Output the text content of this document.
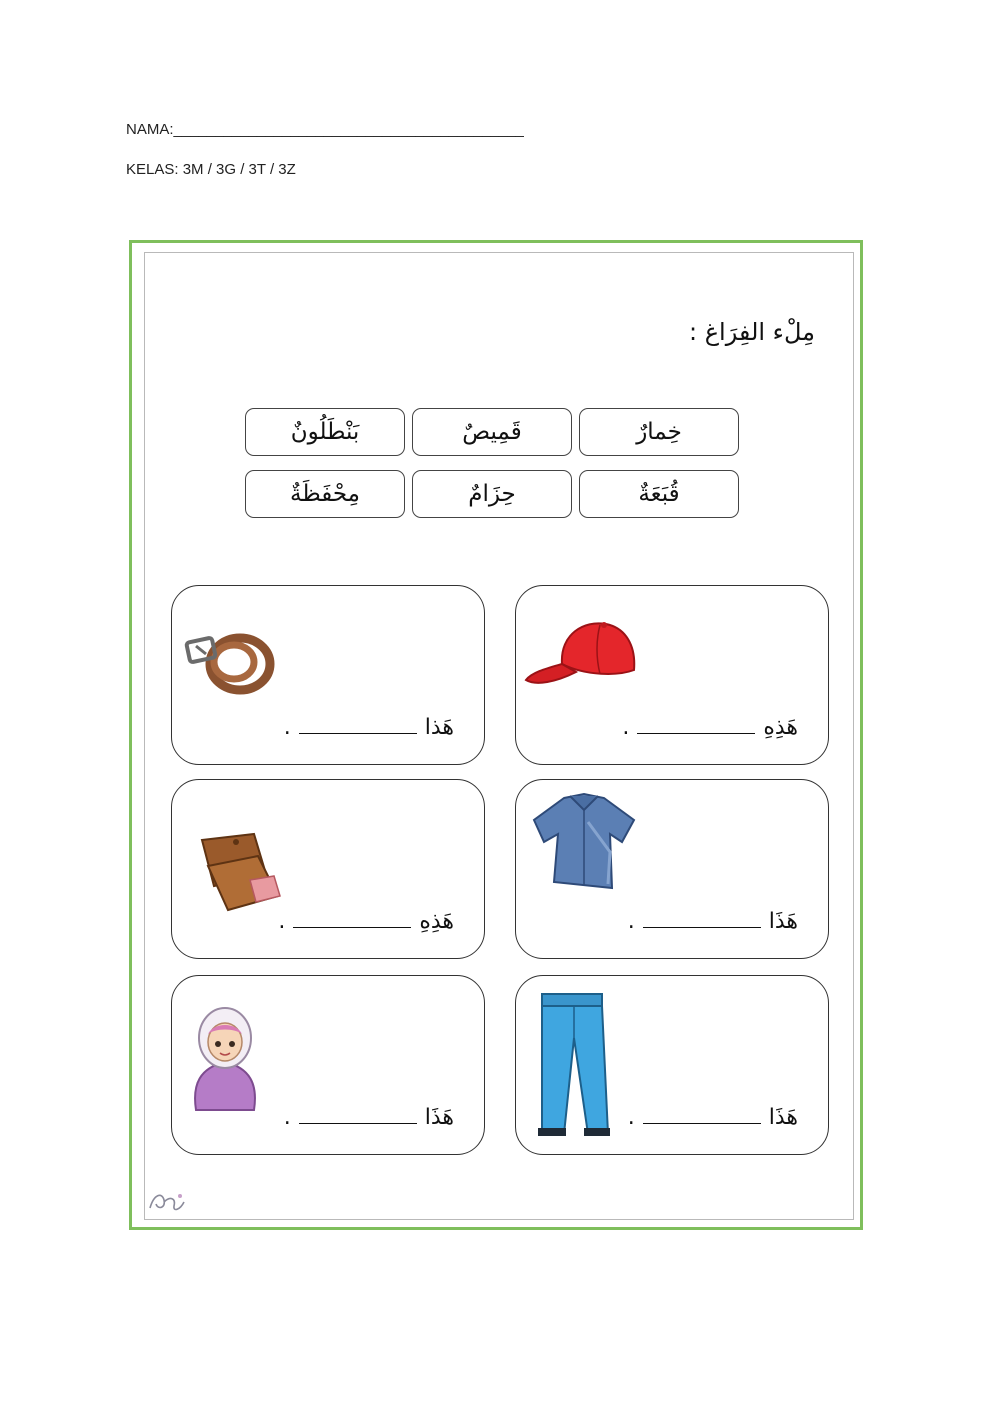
NAMA:__________________________________________
KELAS: 3M / 3G / 3T / 3Z
مِلْء الفِرَاغ :
خِمارٌ
قَمِيصٌ
بَنْطَلُونٌ
قُبَعَةٌ
حِزَامٌ
مِحْفَظَةٌ
هَذِهِ
.
هَذا
.
هَذَا
.
هَذِهِ
.
هَذَا
.
هَذَا
.
